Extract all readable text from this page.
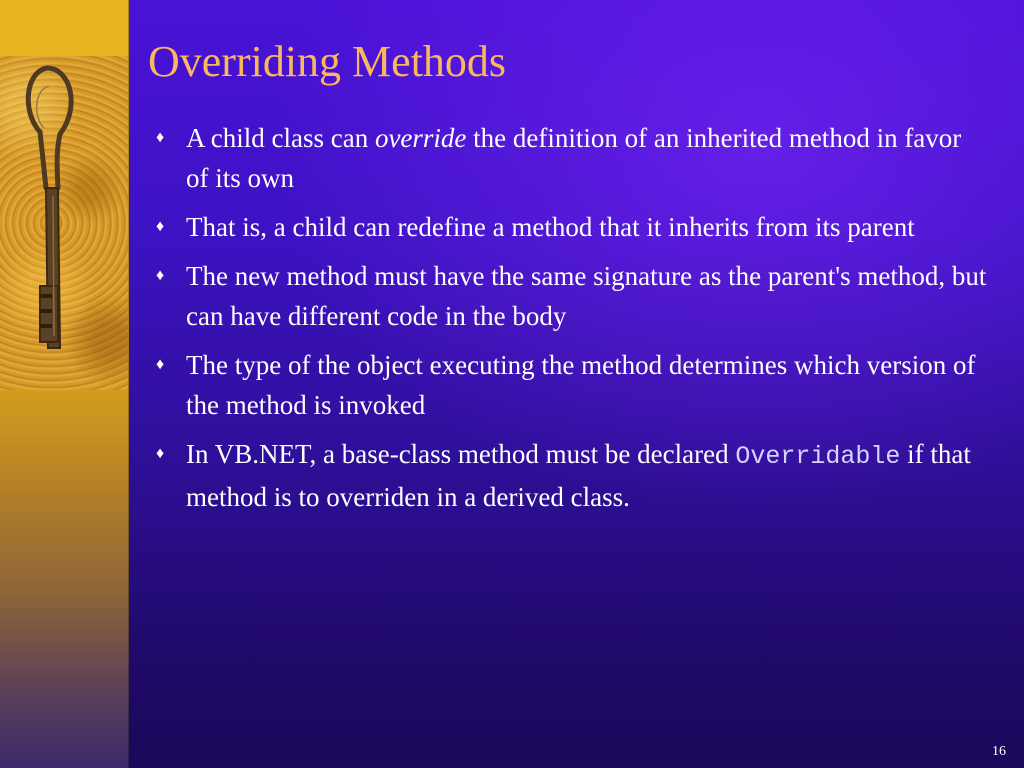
Overriding Methods
♦ A child class can override the definition of an inherited method in favor of its own
♦ That is, a child can redefine a method that it inherits from its parent
♦ The new method must have the same signature as the parent's method, but can have different code in the body
♦ The type of the object executing the method determines which version of the method is invoked
♦ In VB.NET, a base-class method must be declared Overridable if that method is to overriden in a derived class.
16
